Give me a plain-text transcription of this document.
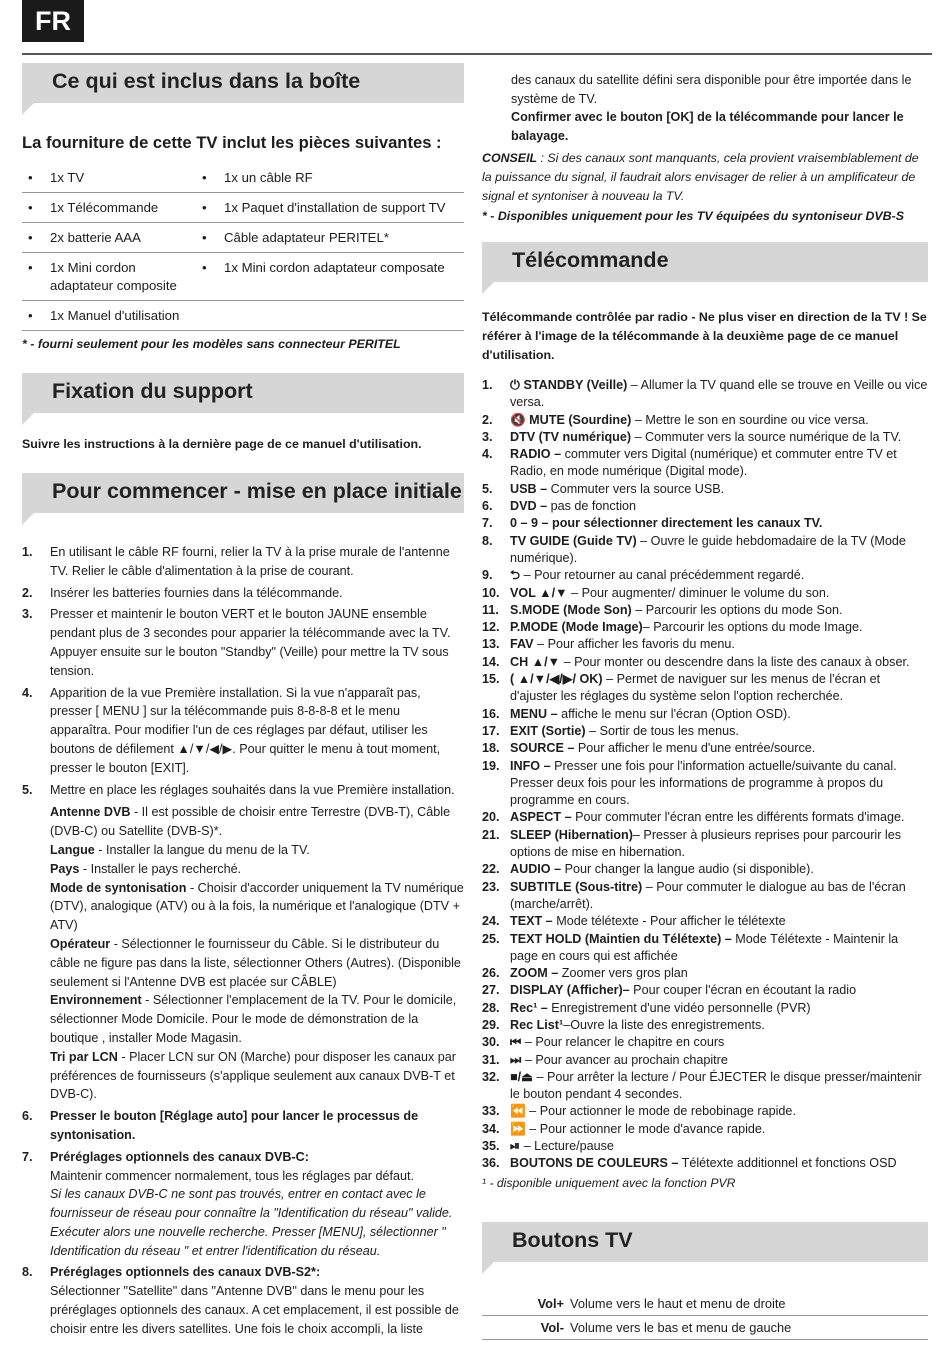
FR
Ce qui est inclus dans la boîte
La fourniture de cette TV inclut les pièces suivantes :
• 1x TV	• 1x un câble RF
• 1x Télécommande	• 1x Paquet d'installation de support TV
• 2x batterie AAA	• Câble adaptateur PERITEL*
• 1x Mini cordon adaptateur composite	• 1x Mini cordon adaptateur composate
• 1x Manuel d'utilisation	
* - fourni seulement pour les modèles sans connecteur PERITEL
Fixation du support
Suivre les instructions à la dernière page de ce manuel d'utilisation.
Pour commencer - mise en place initiale
1. En utilisant le câble RF fourni, relier la TV à la prise murale de l'antenne TV. Relier le câble d'alimentation à la prise de courant.
2. Insérer les batteries fournies dans la télécommande.
3. Presser et maintenir le bouton VERT et le bouton JAUNE ensemble pendant plus de 3 secondes pour apparier la télécommande avec la TV. Appuyer ensuite sur le bouton "Standby" (Veille) pour mettre la TV sous tension.
4. Apparition de la vue Première installation. Si la vue n'apparaît pas, presser [ MENU ] sur la télécommande puis 8-8-8-8 et le menu apparaîtra. Pour modifier l'un de ces réglages par défaut, utiliser les boutons de défilement ▲/▼/◀/▶. Pour quitter le menu à tout moment, presser le bouton [EXIT].
5. Mettre en place les réglages souhaités dans la vue Première installation.
Antenne DVB - Il est possible de choisir entre Terrestre (DVB-T), Câble (DVB-C) ou Satellite (DVB-S)*.
Langue - Installer la langue du menu de la TV.
Pays - Installer le pays recherché.
Mode de syntonisation - Choisir d'accorder uniquement la TV numérique (DTV), analogique (ATV) ou à la fois, la numérique et l'analogique (DTV + ATV)
Opérateur - Sélectionner le fournisseur du Câble. Si le distributeur du câble ne figure pas dans la liste, sélectionner Others (Autres). (Disponible seulement si l'Antenne DVB est placée sur CÂBLE)
Environnement - Sélectionner l'emplacement de la TV. Pour le domicile, sélectionner Mode Domicile. Pour le mode de démonstration de la boutique , installer Mode Magasin.
Tri par LCN - Placer LCN sur ON (Marche) pour disposer les canaux par préférences de fournisseurs (s'applique seulement aux canaux DVB-T et DVB-C).
6. Presser le bouton [Réglage auto] pour lancer le processus de syntonisation.
7. Préréglages optionnels des canaux DVB-C:
Maintenir commencer normalement, tous les réglages par défaut.
Si les canaux DVB-C ne sont pas trouvés, entrer en contact avec le fournisseur de réseau pour connaître la "Identification du réseau" valide. Exécuter alors une nouvelle recherche. Presser [MENU], sélectionner " Identification du réseau " et entrer l'identification du réseau.
8. Préréglages optionnels des canaux DVB-S2*:
Sélectionner "Satellite" dans "Antenne DVB" dans le menu pour les préréglages optionnels des canaux. A cet emplacement, il est possible de choisir entre les divers satellites. Une fois le choix accompli, la liste
des canaux du satellite défini sera disponible pour être importée dans le système de TV.
Confirmer avec le bouton [OK] de la télécommande pour lancer le balayage.
CONSEIL : Si des canaux sont manquants, cela provient vraisemblablement de la puissance du signal, il faudrait alors envisager de relier à un amplificateur de signal et syntoniser à nouveau la TV.
* - Disponibles uniquement pour les TV équipées du syntoniseur DVB-S
Télécommande
Télécommande contrôlée par radio - Ne plus viser en direction de la TV ! Se référer à l'image de la télécommande à la deuxième page de ce manuel d'utilisation.
1. ⏻ STANDBY (Veille) – Allumer la TV quand elle se trouve en Veille ou vice versa.
2. 🔇 MUTE (Sourdine) – Mettre le son en sourdine ou vice versa.
3. DTV (TV numérique) – Commuter vers la source numérique de la TV.
4. RADIO – commuter vers Digital (numérique) et commuter entre TV et Radio, en mode numérique (Digital mode).
5. USB – Commuter vers la source USB.
6. DVD – pas de fonction
7. 0 – 9 – pour sélectionner directement les canaux TV.
8. TV GUIDE (Guide TV) – Ouvre le guide hebdomadaire de la TV (Mode numérique).
9. ⮌ – Pour retourner au canal précédemment regardé.
10. VOL ▲/▼ – Pour augmenter/ diminuer le volume du son.
11. S.MODE (Mode Son) – Parcourir les options du mode Son.
12. P.MODE (Mode Image)– Parcourir les options du mode Image.
13. FAV – Pour afficher les favoris du menu.
14. CH ▲/▼ – Pour monter ou descendre dans la liste des canaux à obser.
15. ( ▲/▼/◀/▶/ OK) – Permet de naviguer sur les menus de l'écran et d'ajuster les réglages du système selon l'option recherchée.
16. MENU – affiche le menu sur l'écran (Option OSD).
17. EXIT (Sortie) – Sortir de tous les menus.
18. SOURCE – Pour afficher le menu d'une entrée/source.
19. INFO – Presser une fois pour l'information actuelle/suivante du canal. Presser deux fois pour les informations de programme à propos du programme en cours.
20. ASPECT – Pour commuter l'écran entre les différents formats d'image.
21. SLEEP (Hibernation)– Presser à plusieurs reprises pour parcourir les options de mise en hibernation.
22. AUDIO – Pour changer la langue audio (si disponible).
23. SUBTITLE (Sous-titre) – Pour commuter le dialogue au bas de l'écran (marche/arrêt).
24. TEXT – Mode télétexte - Pour afficher le télétexte
25. TEXT HOLD (Maintien du Télétexte) – Mode Télétexte - Maintenir la page en cours qui est affichée
26. ZOOM – Zoomer vers gros plan
27. DISPLAY (Afficher)– Pour couper l'écran en écoutant la radio
28. Rec¹ – Enregistrement d'une vidéo personnelle (PVR)
29. Rec List¹–Ouvre la liste des enregistrements.
30. ⏮ – Pour relancer le chapitre en cours
31. ⏭ – Pour avancer au prochain chapitre
32. ■/⏏ – Pour arrêter la lecture / Pour ÉJECTER le disque presser/maintenir le bouton pendant 4 secondes.
33. ⏪ – Pour actionner le mode de rebobinage rapide.
34. ⏩ – Pour actionner le mode d'avance rapide.
35. ⏯ – Lecture/pause
36. BOUTONS DE COULEURS – Télétexte additionnel et fonctions OSD
¹ - disponible uniquement avec la fonction PVR
Boutons TV
Vol+ Volume vers le haut et menu de droite
Vol- Volume vers le bas et menu de gauche
